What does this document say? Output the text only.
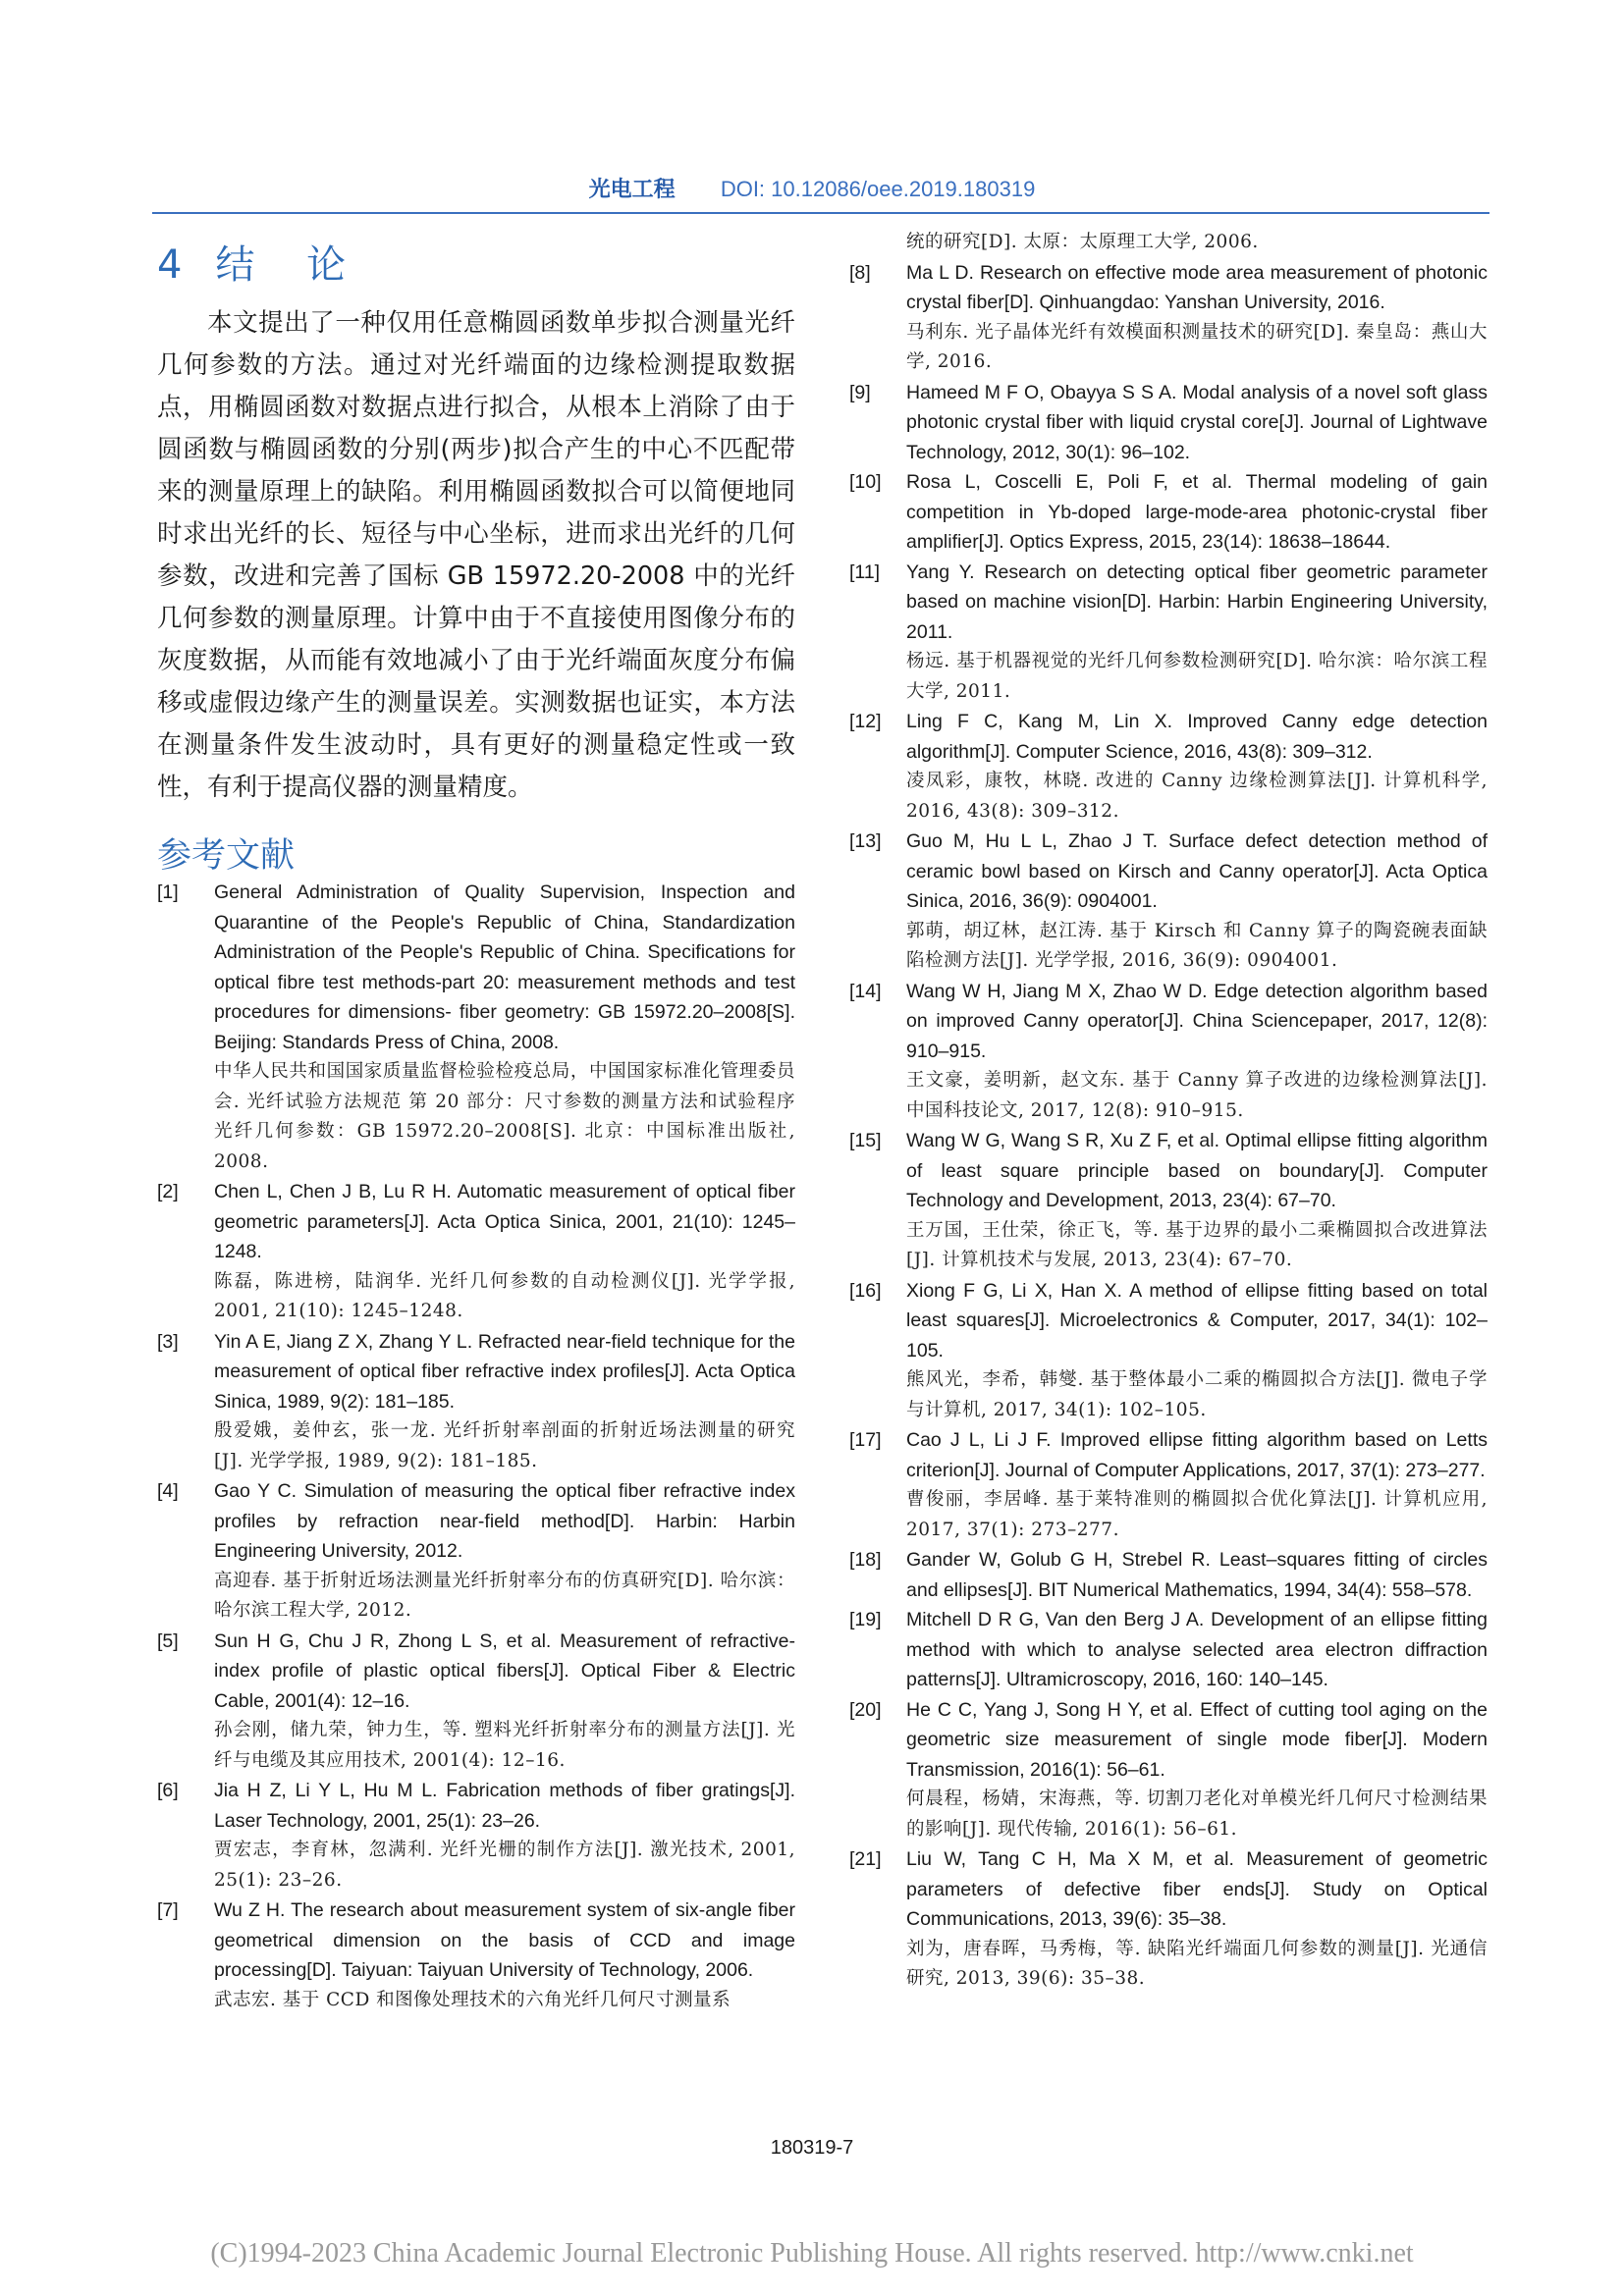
光电工程 DOI: 10.12086/oee.2019.180319
4 结 论

本文提出了一种仅用任意椭圆函数单步拟合测量光纤几何参数的方法。通过对光纤端面的边缘检测提取数据点，用椭圆函数对数据点进行拟合，从根本上消除了由于圆函数与椭圆函数的分别(两步)拟合产生的中心不匹配带来的测量原理上的缺陷。利用椭圆函数拟合可以简便地同时求出光纤的长、短径与中心坐标，进而求出光纤的几何参数，改进和完善了国标 GB 15972.20-2008 中的光纤几何参数的测量原理。计算中由于不直接使用图像分布的灰度数据，从而能有效地减小了由于光纤端面灰度分布偏移或虚假边缘产生的测量误差。实测数据也证实，本方法在测量条件发生波动时，具有更好的测量稳定性或一致性，有利于提高仪器的测量精度。

参考文献
[1]	General Administration of Quality Supervision, Inspection and Quarantine of the People's Republic of China, Standardization Administration of the People's Republic of China. Specifications for optical fibre test methods-part 20: measurement methods and test procedures for dimensions- fiber geometry: GB 15972.20–2008[S]. Beijing: Standards Press of China, 2008.
中华人民共和国国家质量监督检验检疫总局，中国国家标准化管理委员会. 光纤试验方法规范 第 20 部分：尺寸参数的测量方法和试验程序 光纤几何参数：GB 15972.20–2008[S]. 北京：中国标准出版社, 2008.
[2]	Chen L, Chen J B, Lu R H. Automatic measurement of optical fiber geometric parameters[J]. Acta Optica Sinica, 2001, 21(10): 1245–1248.
陈磊，陈进榜，陆润华. 光纤几何参数的自动检测仪[J]. 光学学报, 2001, 21(10): 1245–1248.
[3]	Yin A E, Jiang Z X, Zhang Y L. Refracted near-field technique for the measurement of optical fiber refractive index profiles[J]. Acta Optica Sinica, 1989, 9(2): 181–185.
殷爱娥，姜仲玄，张一龙. 光纤折射率剖面的折射近场法测量的研究[J]. 光学学报, 1989, 9(2): 181–185.
[4]	Gao Y C. Simulation of measuring the optical fiber refractive index profiles by refraction near-field method[D]. Harbin: Harbin Engineering University, 2012.
高迎春. 基于折射近场法测量光纤折射率分布的仿真研究[D]. 哈尔滨：哈尔滨工程大学, 2012.
[5]	Sun H G, Chu J R, Zhong L S, et al. Measurement of refractive-index profile of plastic optical fibers[J]. Optical Fiber & Electric Cable, 2001(4): 12–16.
孙会刚，储九荣，钟力生，等. 塑料光纤折射率分布的测量方法[J]. 光纤与电缆及其应用技术, 2001(4): 12–16.
[6]	Jia H Z, Li Y L, Hu M L. Fabrication methods of fiber gratings[J]. Laser Technology, 2001, 25(1): 23–26.
贾宏志，李育林，忽满利. 光纤光栅的制作方法[J]. 激光技术, 2001, 25(1): 23–26.
[7]	Wu Z H. The research about measurement system of six-angle fiber geometrical dimension on the basis of CCD and image processing[D]. Taiyuan: Taiyuan University of Technology, 2006.
武志宏. 基于 CCD 和图像处理技术的六角光纤几何尺寸测量系
统的研究[D]. 太原：太原理工大学, 2006.
[8]	Ma L D. Research on effective mode area measurement of photonic crystal fiber[D]. Qinhuangdao: Yanshan University, 2016.
马利东. 光子晶体光纤有效模面积测量技术的研究[D]. 秦皇岛：燕山大学, 2016.
[9]	Hameed M F O, Obayya S S A. Modal analysis of a novel soft glass photonic crystal fiber with liquid crystal core[J]. Journal of Lightwave Technology, 2012, 30(1): 96–102.
[10]	Rosa L, Coscelli E, Poli F, et al. Thermal modeling of gain competition in Yb-doped large-mode-area photonic-crystal fiber amplifier[J]. Optics Express, 2015, 23(14): 18638–18644.
[11]	Yang Y. Research on detecting optical fiber geometric parameter based on machine vision[D]. Harbin: Harbin Engineering University, 2011.
杨远. 基于机器视觉的光纤几何参数检测研究[D]. 哈尔滨：哈尔滨工程大学, 2011.
[12]	Ling F C, Kang M, Lin X. Improved Canny edge detection algorithm[J]. Computer Science, 2016, 43(8): 309–312.
凌凤彩，康牧，林晓. 改进的 Canny 边缘检测算法[J]. 计算机科学, 2016, 43(8): 309–312.
[13]	Guo M, Hu L L, Zhao J T. Surface defect detection method of ceramic bowl based on Kirsch and Canny operator[J]. Acta Optica Sinica, 2016, 36(9): 0904001.
郭萌，胡辽林，赵江涛. 基于 Kirsch 和 Canny 算子的陶瓷碗表面缺陷检测方法[J]. 光学学报, 2016, 36(9): 0904001.
[14]	Wang W H, Jiang M X, Zhao W D. Edge detection algorithm based on improved Canny operator[J]. China Sciencepaper, 2017, 12(8): 910–915.
王文豪，姜明新，赵文东. 基于 Canny 算子改进的边缘检测算法[J]. 中国科技论文, 2017, 12(8): 910–915.
[15]	Wang W G, Wang S R, Xu Z F, et al. Optimal ellipse fitting algorithm of least square principle based on boundary[J]. Computer Technology and Development, 2013, 23(4): 67–70.
王万国，王仕荣，徐正飞，等. 基于边界的最小二乘椭圆拟合改进算法[J]. 计算机技术与发展, 2013, 23(4): 67–70.
[16]	Xiong F G, Li X, Han X. A method of ellipse fitting based on total least squares[J]. Microelectronics & Computer, 2017, 34(1): 102–105.
熊风光，李希，韩燮. 基于整体最小二乘的椭圆拟合方法[J]. 微电子学与计算机, 2017, 34(1): 102–105.
[17]	Cao J L, Li J F. Improved ellipse fitting algorithm based on Letts criterion[J]. Journal of Computer Applications, 2017, 37(1): 273–277.
曹俊丽，李居峰. 基于莱特准则的椭圆拟合优化算法[J]. 计算机应用, 2017, 37(1): 273–277.
[18]	Gander W, Golub G H, Strebel R. Least–squares fitting of circles and ellipses[J]. BIT Numerical Mathematics, 1994, 34(4): 558–578.
[19]	Mitchell D R G, Van den Berg J A. Development of an ellipse fitting method with which to analyse selected area electron diffraction patterns[J]. Ultramicroscopy, 2016, 160: 140–145.
[20]	He C C, Yang J, Song H Y, et al. Effect of cutting tool aging on the geometric size measurement of single mode fiber[J]. Modern Transmission, 2016(1): 56–61.
何晨程，杨婧，宋海燕，等. 切割刀老化对单模光纤几何尺寸检测结果的影响[J]. 现代传输, 2016(1): 56–61.
[21]	Liu W, Tang C H, Ma X M, et al. Measurement of geometric parameters of defective fiber ends[J]. Study on Optical Communications, 2013, 39(6): 35–38.
刘为，唐春晖，马秀梅，等. 缺陷光纤端面几何参数的测量[J]. 光通信研究, 2013, 39(6): 35–38.
180319-7
(C)1994-2023 China Academic Journal Electronic Publishing House. All rights reserved. http://www.cnki.net
